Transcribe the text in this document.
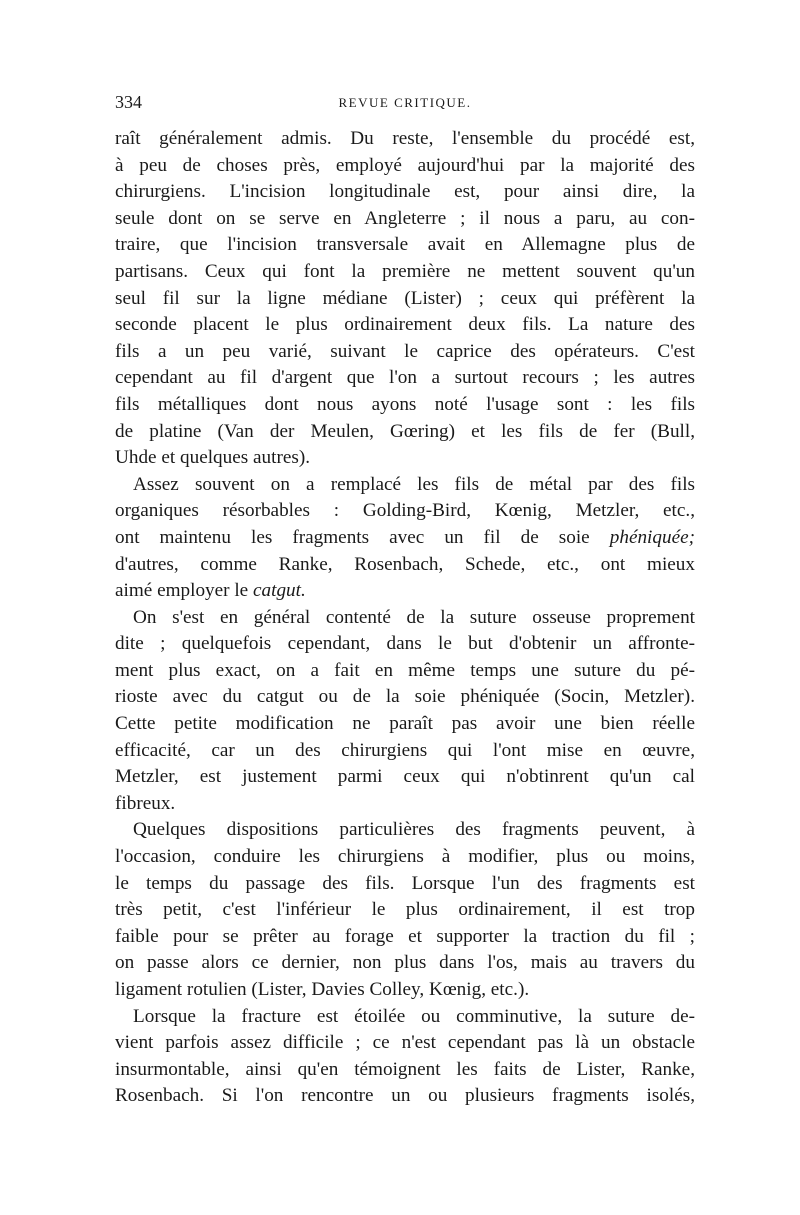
334	REVUE CRITIQUE.
raît généralement admis. Du reste, l'ensemble du procédé est,
à peu de choses près, employé aujourd'hui par la majorité des
chirurgiens. L'incision longitudinale est, pour ainsi dire, la
seule dont on se serve en Angleterre ; il nous a paru, au con-
traire, que l'incision transversale avait en Allemagne plus de
partisans. Ceux qui font la première ne mettent souvent qu'un
seul fil sur la ligne médiane (Lister) ; ceux qui préfèrent la
seconde placent le plus ordinairement deux fils. La nature des
fils a un peu varié, suivant le caprice des opérateurs. C'est
cependant au fil d'argent que l'on a surtout recours ; les autres
fils métalliques dont nous ayons noté l'usage sont : les fils
de platine (Van der Meulen, Gœring) et les fils de fer (Bull,
Uhde et quelques autres).
Assez souvent on a remplacé les fils de métal par des fils
organiques résorbables : Golding-Bird, Kœnig, Metzler, etc.,
ont maintenu les fragments avec un fil de soie phéniquée;
d'autres, comme Ranke, Rosenbach, Schede, etc., ont mieux
aimé employer le catgut.
On s'est en général contenté de la suture osseuse proprement
dite ; quelquefois cependant, dans le but d'obtenir un affronte-
ment plus exact, on a fait en même temps une suture du pé-
rioste avec du catgut ou de la soie phéniquée (Socin, Metzler).
Cette petite modification ne paraît pas avoir une bien réelle
efficacité, car un des chirurgiens qui l'ont mise en œuvre,
Metzler, est justement parmi ceux qui n'obtinrent qu'un cal
fibreux.
Quelques dispositions particulières des fragments peuvent, à
l'occasion, conduire les chirurgiens à modifier, plus ou moins,
le temps du passage des fils. Lorsque l'un des fragments est
très petit, c'est l'inférieur le plus ordinairement, il est trop
faible pour se prêter au forage et supporter la traction du fil ;
on passe alors ce dernier, non plus dans l'os, mais au travers du
ligament rotulien (Lister, Davies Colley, Kœnig, etc.).
Lorsque la fracture est étoilée ou comminutive, la suture de-
vient parfois assez difficile ; ce n'est cependant pas là un obstacle
insurmontable, ainsi qu'en témoignent les faits de Lister, Ranke,
Rosenbach. Si l'on rencontre un ou plusieurs fragments isolés,
